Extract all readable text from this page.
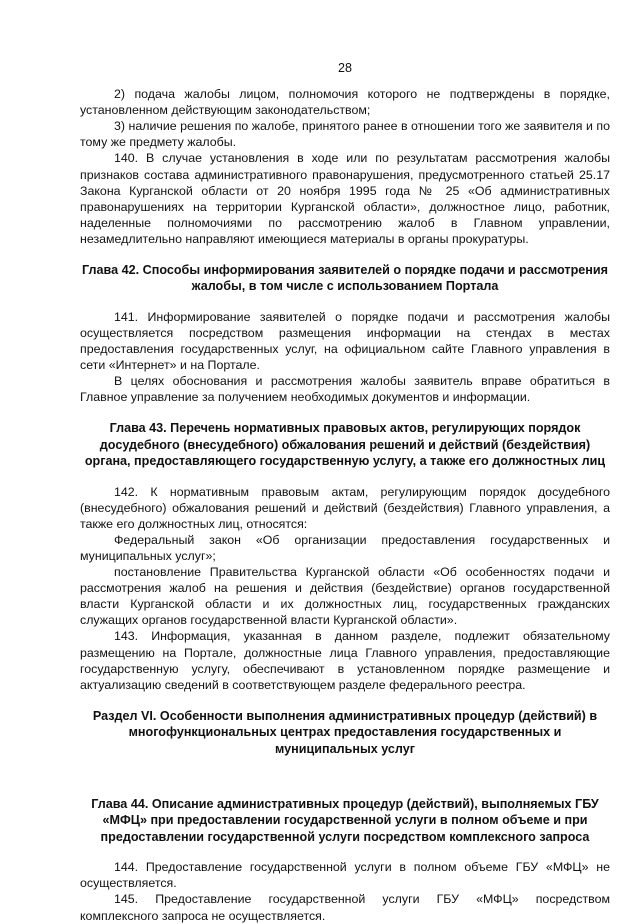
28

2) подача жалобы лицом, полномочия которого не подтверждены в порядке, установленном действующим законодательством;

3) наличие решения по жалобе, принятого ранее в отношении того же заявителя и по тому же предмету жалобы.

140. В случае установления в ходе или по результатам рассмотрения жалобы признаков состава административного правонарушения, предусмотренного статьей 25.17 Закона Курганской области от 20 ноября 1995 года № 25 «Об административных правонарушениях на территории Курганской области», должностное лицо, работник, наделенные полномочиями по рассмотрению жалоб в Главном управлении, незамедлительно направляют имеющиеся материалы в органы прокуратуры.

Глава 42. Способы информирования заявителей о порядке подачи и рассмотрения жалобы, в том числе с использованием Портала

141. Информирование заявителей о порядке подачи и рассмотрения жалобы осуществляется посредством размещения информации на стендах в местах предоставления государственных услуг, на официальном сайте Главного управления в сети «Интернет» и на Портале.

В целях обоснования и рассмотрения жалобы заявитель вправе обратиться в Главное управление за получением необходимых документов и информации.

Глава 43. Перечень нормативных правовых актов, регулирующих порядок досудебного (внесудебного) обжалования решений и действий (бездействия) органа, предоставляющего государственную услугу, а также его должностных лиц

142. К нормативным правовым актам, регулирующим порядок досудебного (внесудебного) обжалования решений и действий (бездействия) Главного управления, а также его должностных лиц, относятся:

Федеральный закон «Об организации предоставления государственных и муниципальных услуг»;

постановление Правительства Курганской области «Об особенностях подачи и рассмотрения жалоб на решения и действия (бездействие) органов государственной власти Курганской области и их должностных лиц, государственных гражданских служащих органов государственной власти Курганской области».

143. Информация, указанная в данном разделе, подлежит обязательному размещению на Портале, должностные лица Главного управления, предоставляющие государственную услугу, обеспечивают в установленном порядке размещение и актуализацию сведений в соответствующем разделе федерального реестра.

Раздел VI. Особенности выполнения административных процедур (действий) в многофункциональных центрах предоставления государственных и муниципальных услуг
Глава 44. Описание административных процедур (действий), выполняемых ГБУ «МФЦ» при предоставлении государственной услуги в полном объеме и при предоставлении государственной услуги посредством комплексного запроса

144. Предоставление государственной услуги в полном объеме ГБУ «МФЦ» не осуществляется.

145. Предоставление государственной услуги ГБУ «МФЦ» посредством комплексного запроса не осуществляется.
